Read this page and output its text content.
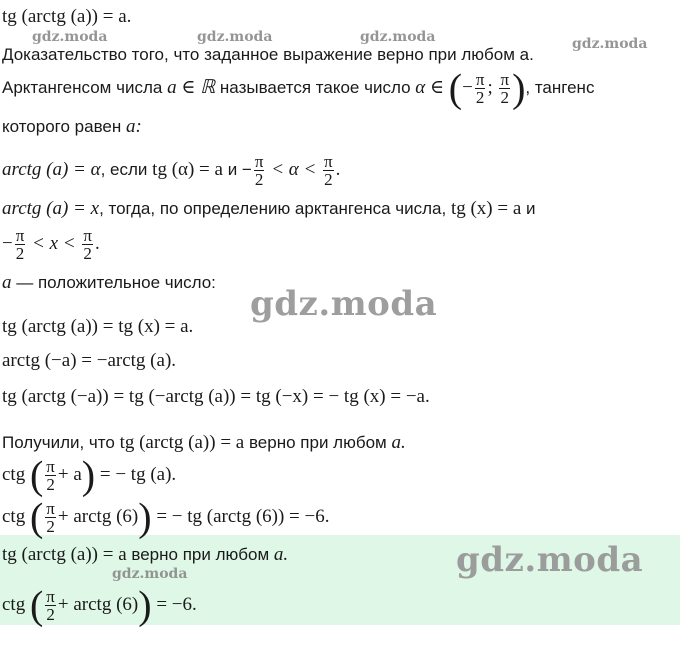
tg (arctg (a)) = a.
Доказательство того, что заданное выражение верно при любом a.
Арктангенсом числа a ∈ ℝ называется такое число α ∈ (− $\frac{\pi}{2}$ ; $\frac{\pi}{2}$ ), тангенс
которого равен a:
arctg (a) = α, если tg (α) = a $и - \frac{\pi}{2} < \alpha < \frac{\pi}{2}$ .
arctg (a) = x, тогда, по определению арктангенса числа, tg (x) = a и
− $\frac{\pi}{2} < x < \frac{\pi}{2}$ .
a — положительное число:
tg (arctg (a)) = tg (x) = a.
arctg (−a) = −arctg (a).
tg (arctg (−a)) = tg (−arctg (a)) = tg (−x) = − tg (x) = −a.
Получили, что tg (arctg (a)) = a верно при любом a.
ctg ( $\frac{\pi}{2} + a$) = − tg (a).
ctg ( $\frac{\pi}{2}$ + arctg (6)) = − tg (arctg (6)) = −6.
tg (arctg (a)) = a верно при любом a.
ctg ( $\frac{\pi}{2}$ + arctg (6)) = −6.
gdz.moda	gdz.moda	gdz.moda	gdz.moda
gdz.moda
gdz.moda
gdz.moda
